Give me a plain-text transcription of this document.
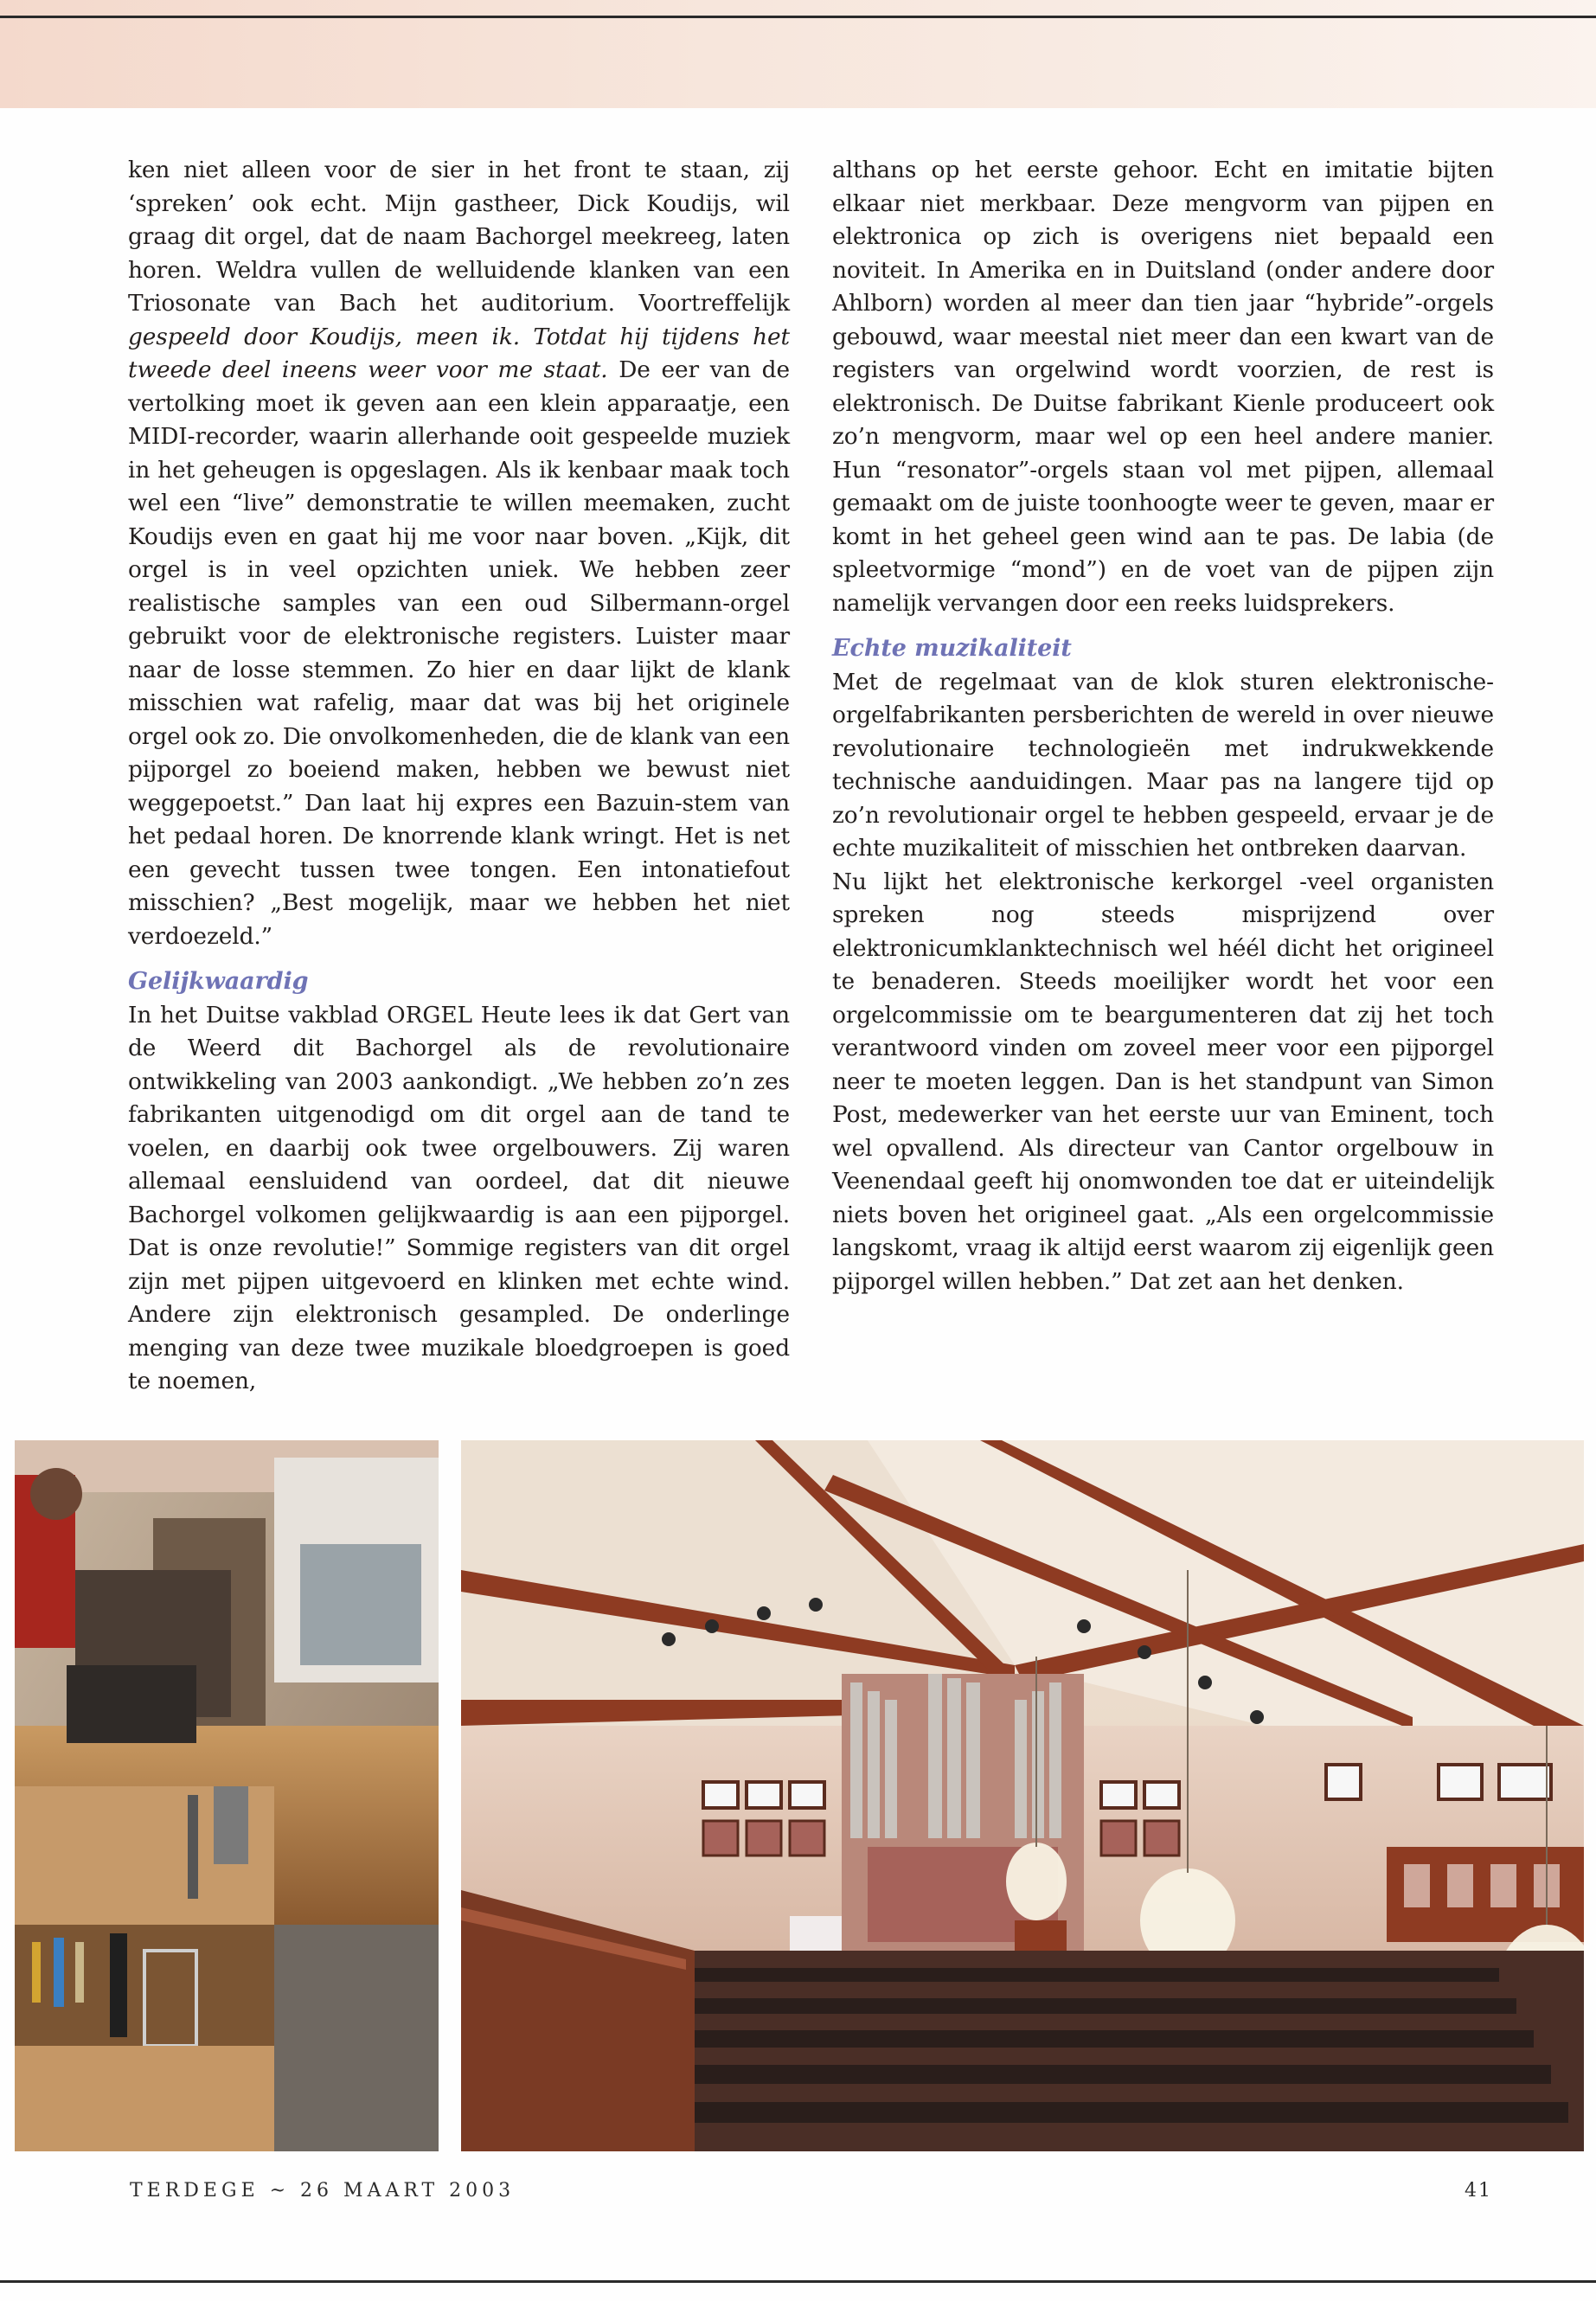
ken niet alleen voor de sier in het front te staan, zij ‘spreken’ ook echt. Mijn gastheer, Dick Koudijs, wil graag dit orgel, dat de naam Bachorgel meekreeg, laten horen. Weldra vullen de welluidende klanken van een Triosonate van Bach het auditorium. Voortreffelijk gespeeld door Koudijs, meen ik. Totdat hij tijdens het tweede deel ineens weer voor me staat. De eer van de vertolking moet ik geven aan een klein apparaatje, een MIDI-recorder, waarin allerhande ooit gespeelde muziek in het geheugen is opgeslagen. Als ik kenbaar maak toch wel een “live” demonstratie te willen meemaken, zucht Koudijs even en gaat hij me voor naar boven. „Kijk, dit orgel is in veel opzichten uniek. We hebben zeer realistische samples van een oud Silbermann-orgel gebruikt voor de elektronische registers. Luister maar naar de losse stemmen. Zo hier en daar lijkt de klank misschien wat rafelig, maar dat was bij het originele orgel ook zo. Die onvolkomenheden, die de klank van een pijporgel zo boeiend maken, hebben we bewust niet weggepoetst.” Dan laat hij expres een Bazuin-stem van het pedaal horen. De knorrende klank wringt. Het is net een gevecht tussen twee tongen. Een intonatiefout misschien? „Best mogelijk, maar we hebben het niet verdoezeld.”

Gelijkwaardig

In het Duitse vakblad ORGEL Heute lees ik dat Gert van de Weerd dit Bachorgel als de revolutionaire ontwikkeling van 2003 aankondigt. „We hebben zo’n zes fabrikanten uitgenodigd om dit orgel aan de tand te voelen, en daarbij ook twee orgelbouwers. Zij waren allemaal eensluidend van oordeel, dat dit nieuwe Bachorgel volkomen gelijkwaardig is aan een pijporgel. Dat is onze revolutie!” Sommige registers van dit orgel zijn met pijpen uitgevoerd en klinken met echte wind. Andere zijn elektronisch gesampled. De onderlinge menging van deze twee muzikale bloedgroepen is goed te noemen,

althans op het eerste gehoor. Echt en imitatie bijten elkaar niet merkbaar. Deze mengvorm van pijpen en elektronica op zich is overigens niet bepaald een noviteit. In Amerika en in Duitsland (onder andere door Ahlborn) worden al meer dan tien jaar “hybride”-orgels gebouwd, waar meestal niet meer dan een kwart van de registers van orgelwind wordt voorzien, de rest is elektronisch. De Duitse fabrikant Kienle produceert ook zo’n mengvorm, maar wel op een heel andere manier. Hun “resonator”-orgels staan vol met pijpen, allemaal gemaakt om de juiste toonhoogte weer te geven, maar er komt in het geheel geen wind aan te pas. De labia (de spleetvormige “mond”) en de voet van de pijpen zijn namelijk vervangen door een reeks luidsprekers.

Echte muzikaliteit

Met de regelmaat van de klok sturen elektronische-orgelfabrikanten persberichten de wereld in over nieuwe revolutionaire technologieën met indrukwekkende technische aanduidingen. Maar pas na langere tijd op zo’n revolutionair orgel te hebben gespeeld, ervaar je de echte muzikaliteit of misschien het ontbreken daarvan.

Nu lijkt het elektronische kerkorgel -veel organisten spreken nog steeds misprijzend over elektronicumklanktechnisch wel héél dicht het origineel te benaderen. Steeds moeilijker wordt het voor een orgelcommissie om te beargumenteren dat zij het toch verantwoord vinden om zoveel meer voor een pijporgel neer te moeten leggen. Dan is het standpunt van Simon Post, medewerker van het eerste uur van Eminent, toch wel opvallend. Als directeur van Cantor orgelbouw in Veenendaal geeft hij onomwonden toe dat er uiteindelijk niets boven het origineel gaat. „Als een orgelcommissie langskomt, vraag ik altijd eerst waarom zij eigenlijk geen pijporgel willen hebben.” Dat zet aan het denken.

TERDEGE ~ 26 MAART 2003	41
